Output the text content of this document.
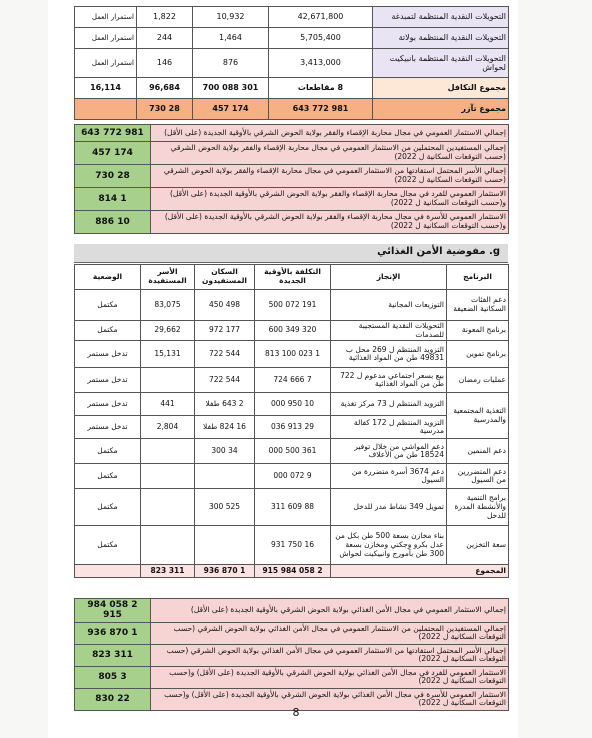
التحويلات النقدية المنتظمة لتمبدغة	42,671,800	10,932	1,822	استمرار العمل
التحويلات النقدية المنتظمة بولاتة	5,705,400	1,464	244	استمرار العمل
التحويلات النقدية المنتظمة بانبيكيت لحواش	3,413,000	876	146	استمرار العمل
مجموع التكافل	8 مقاطعات	301 088 700	96,684	16,114
مجموع تآزر	981 772 643	174 457	28 730	
إجمالي الاستثمار العمومي في مجال محاربة الإقصاء والفقر بولاية الحوض الشرقي بالأوقية الجديدة (على الأقل)	981 772 643
إجمالي المستفيدين المحتملين من الاستثمار العمومي في مجال محاربة الإقصاء والفقر بولاية الحوض الشرقي (حسب التوقعات السكانية ل 2022)	174 457
إجمالي الأسر المحتمل استفادتها من الاستثمار العمومي في مجال محاربة الإقصاء والفقر بولاية الحوض الشرقي (حسب التوقعات السكانية ل 2022)	28 730
الاستثمار العمومي للفرد في مجال محاربة الإقصاء والفقر بولاية الحوض الشرقي بالأوقية الجديدة (على الأقل) و(حسب التوقعات السكانية ل 2022)	1 814
الاستثمار العمومي للأسرة في مجال محاربة الإقصاء والفقر بولاية الحوض الشرقي بالأوقية الجديدة (على الأقل) و(حسب التوقعات السكانية ل 2022)	10 886
g. مفوضية الأمن الغذائي
البرنامج	الإنجاز	التكلفة بالأوقية الجديدة	السكان المستفيدون	الأسر المستفيدة	الوضعية
دعم الفئات السكانية الضعيفة	التوزيعات المجانية	191 072 500	498 450	83,075	مكتمل
برنامج المعونة	التحويلات النقدية المستجيبة للصدمات	320 349 600	177 972	29,662	مكتمل
برنامج تموين	التزويد المنتظم ل 269 محل ب 49831 طن من المواد الغذائية	1 023 100 813	544 722	15,131	تدخل مستمر
عمليات رمضان	بيع بسعر اجتماعي مدعوم ل 722 طن من المواد الغذائية	7 666 724	544 722		تدخل مستمر
التغذية المجتمعية والمدرسية	التزويد المنتظم ل 73 مركز تغذية	10 950 000	2 643 طفلا	441	تدخل مستمر
	التزويد المنتظم ل 172 كفالة مدرسية	29 913 036	16 824 طفلا	2,804	تدخل مستمر
دعم المنمين	دعم المواشي من خلال توفير 18524 طن من الأعلاف	361 500 000	34 300		مكتمل
دعم المتضررين من السيول	دعم 3674 أسرة متضررة من السيول	9 072 000			مكتمل
برامج التنمية والأنشطة المدرة للدخل	تمويل 349 نشاط مدر للدخل	88 609 311	525 300		مكتمل
سعة التخزين	بناء مخازن بسعة 500 طن بكل من عدل بكرو وجكني ومخازن بسعة 300 طن بآمورج وانبيكيت لحواش	16 750 931			مكتمل
المجموع		2 058 984 915	1 870 936	311 823	
إجمالي الاستثمار العمومي في مجال الأمن الغذائي بولاية الحوض الشرقي بالأوقية الجديدة (على الأقل)	2 058 984 915
إجمالي المستفيدين المحتملين من الاستثمار العمومي في مجال الأمن الغذائي بولاية الحوض الشرقي (حسب التوقعات السكانية ل 2022)	1 870 936
إجمالي الأسر المحتمل استفادتها من الاستثمار العمومي في مجال الأمن الغذائي بولاية الحوض الشرقي (حسب التوقعات السكانية ل 2022)	311 823
الاستثمار العمومي للفرد في مجال الأمن الغذائي بولاية الحوض الشرقي بالأوقية الجديدة (على الأقل) و(حسب التوقعات السكانية ل 2022)	3 805
الاستثمار العمومي للأسرة في مجال الأمن الغذائي بولاية الحوض الشرقي بالأوقية الجديدة (على الأقل) و(حسب التوقعات السكانية ل 2022)	22 830
8
